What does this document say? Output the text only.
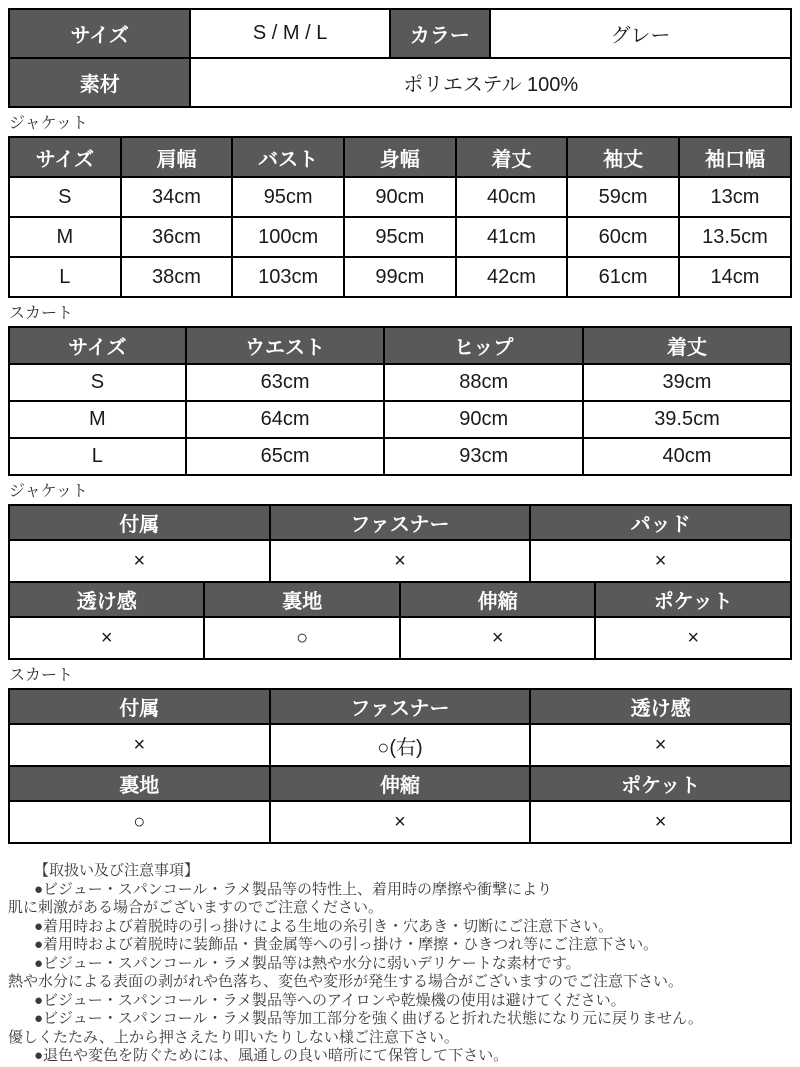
サイズ	S / M / L	カラー	グレー
素材	ポリエステル 100%		
ジャケット
サイズ	肩幅	バスト	身幅	着丈	袖丈	袖口幅
S	34cm	95cm	90cm	40cm	59cm	13cm
M	36cm	100cm	95cm	41cm	60cm	13.5cm
L	38cm	103cm	99cm	42cm	61cm	14cm
スカート
サイズ	ウエスト	ヒップ	着丈
S	63cm	88cm	39cm
M	64cm	90cm	39.5cm
L	65cm	93cm	40cm
ジャケット
付属		ファスナー		パッド	
×		×		×	
透け感	裏地		伸縮		ポケット
×	○		×		×
スカート
付属	ファスナー	透け感
×	○(右)	×
裏地	伸縮	ポケット
○	×	×
【取扱い及び注意事項】
●ビジュー・スパンコール・ラメ製品等の特性上、着用時の摩擦や衝撃により
肌に刺激がある場合がございますのでご注意ください。
●着用時および着脱時の引っ掛けによる生地の糸引き・穴あき・切断にご注意下さい。
●着用時および着脱時に装飾品・貴金属等への引っ掛け・摩擦・ひきつれ等にご注意下さい。
●ビジュー・スパンコール・ラメ製品等は熱や水分に弱いデリケートな素材です。
熱や水分による表面の剥がれや色落ち、変色や変形が発生する場合がございますのでご注意下さい。
●ビジュー・スパンコール・ラメ製品等へのアイロンや乾燥機の使用は避けてください。
●ビジュー・スパンコール・ラメ製品等加工部分を強く曲げると折れた状態になり元に戻りません。
優しくたたみ、上から押さえたり叩いたりしない様ご注意下さい。
●退色や変色を防ぐためには、風通しの良い暗所にて保管して下さい。
